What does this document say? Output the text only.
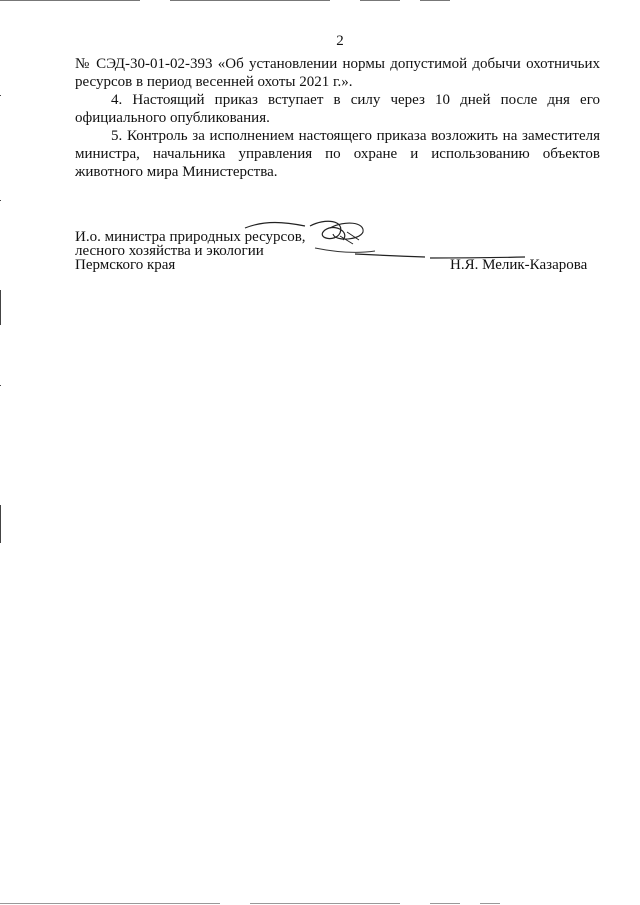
2

№ СЭД-30-01-02-393 «Об установлении нормы допустимой добычи охотничьих ресурсов в период весенней охоты 2021 г.».

4. Настоящий приказ вступает в силу через 10 дней после дня его официального опубликования.

5. Контроль за исполнением настоящего приказа возложить на заместителя министра, начальника управления по охране и использованию объектов животного мира Министерства.

И.о. министра природных ресурсов,
лесного хозяйства и экологии
Пермского края	Н.Я. Мелик-Казарова
